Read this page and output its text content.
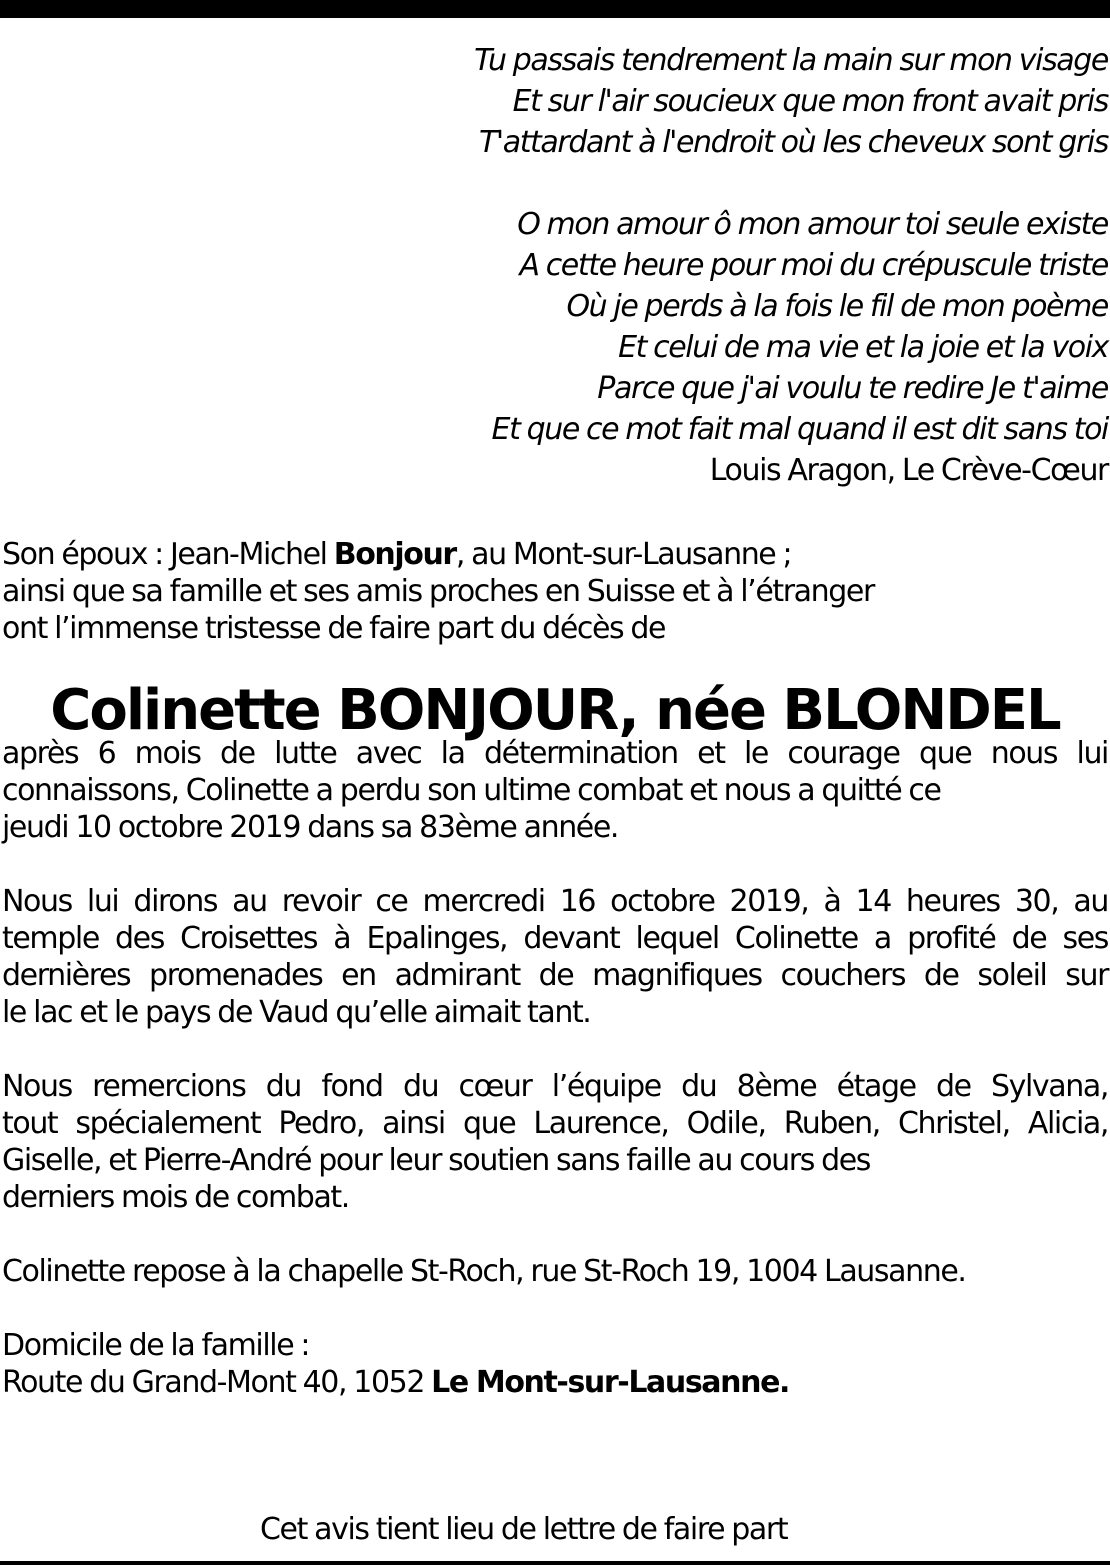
Tu passais tendrement la main sur mon visage
Et sur l'air soucieux que mon front avait pris
T'attardant à l'endroit où les cheveux sont gris
O mon amour ô mon amour toi seule existe
A cette heure pour moi du crépuscule triste
Où je perds à la fois le fil de mon poème
Et celui de ma vie et la joie et la voix
Parce que j'ai voulu te redire Je t'aime
Et que ce mot fait mal quand il est dit sans toi
Louis Aragon, Le Crève-Cœur
Son époux : Jean-Michel Bonjour, au Mont-sur-Lausanne ;
ainsi que sa famille et ses amis proches en Suisse et à l’étranger
ont l’immense tristesse de faire part du décès de
Colinette BONJOUR, née BLONDEL
après 6 mois de lutte avec la détermination et le courage que nous lui
connaissons, Colinette a perdu son ultime combat et nous a quitté ce
jeudi 10 octobre 2019 dans sa 83ème année.
Nous lui dirons au revoir ce mercredi 16 octobre 2019, à 14 heures 30, au
temple des Croisettes à Epalinges, devant lequel Colinette a profité de ses
dernières promenades en admirant de magnifiques couchers de soleil sur
le lac et le pays de Vaud qu’elle aimait tant.
Nous remercions du fond du cœur l’équipe du 8ème étage de Sylvana,
tout spécialement Pedro, ainsi que Laurence, Odile, Ruben, Christel, Alicia,
Giselle, et Pierre-André pour leur soutien sans faille au cours des
derniers mois de combat.
Colinette repose à la chapelle St-Roch, rue St-Roch 19, 1004 Lausanne.
Domicile de la famille :
Route du Grand-Mont 40, 1052 Le Mont-sur-Lausanne.
Cet avis tient lieu de lettre de faire part
